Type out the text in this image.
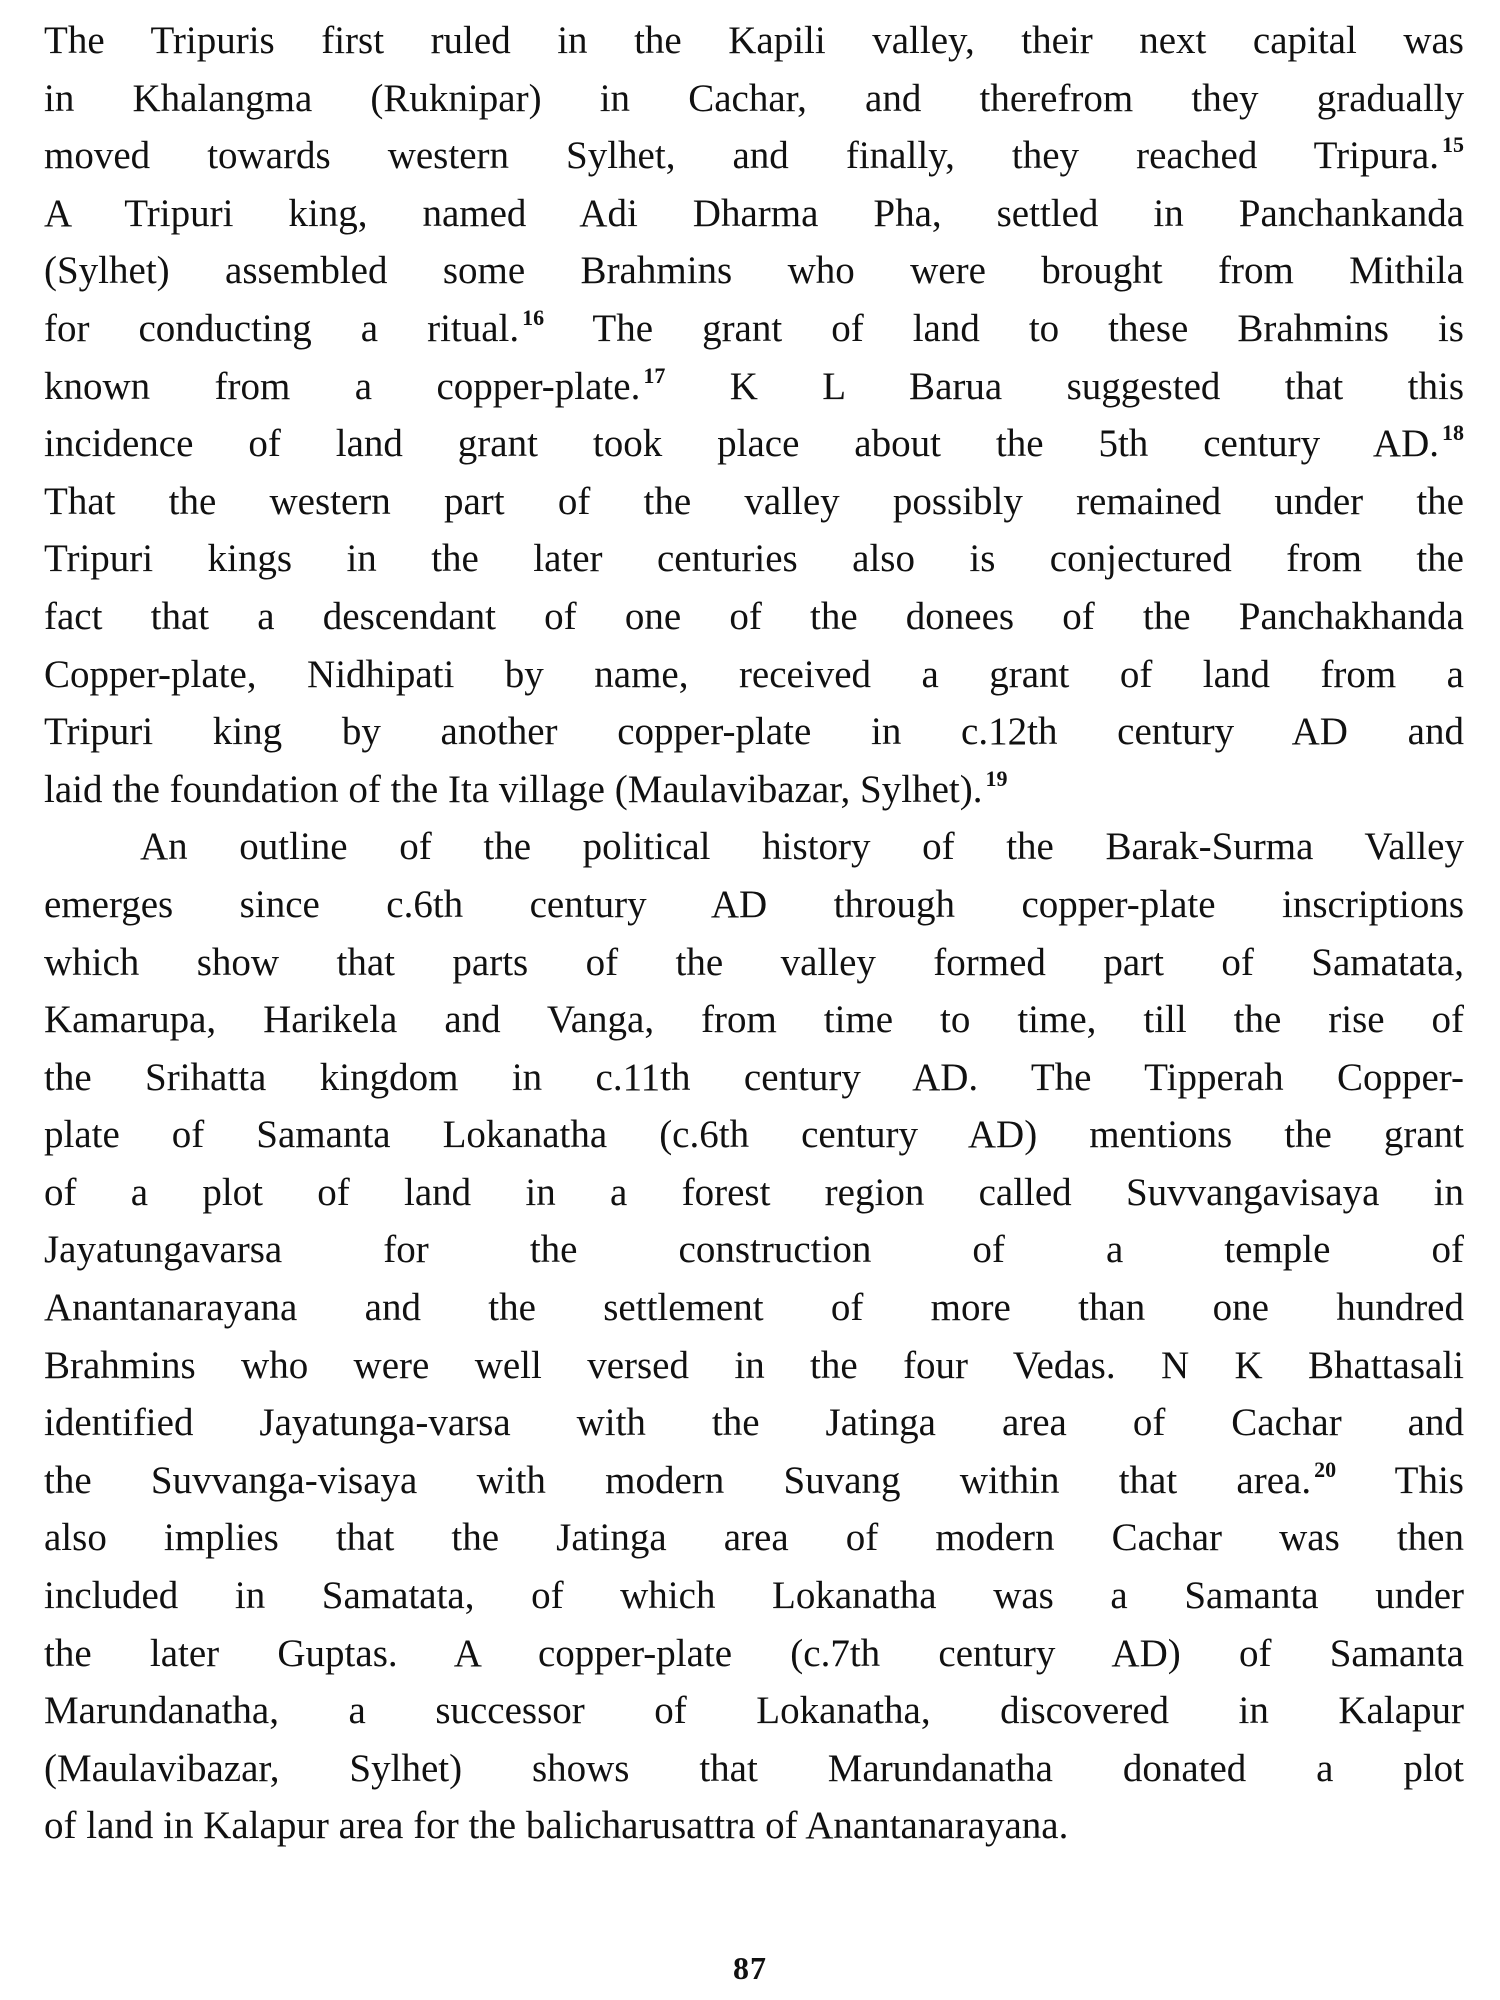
The Tripuris first ruled in the Kapili valley, their next capital was
in Khalangma (Ruknipar) in Cachar, and therefrom they gradually
moved towards western Sylhet, and finally, they reached Tripura. $^{15}$
A Tripuri king, named Adi Dharma Pha, settled in Panchankanda
(Sylhet) assembled some Brahmins who were brought from Mithila
for conducting a ritual. $^{16}$ The grant of land to these Brahmins is
known from a copper-plate. $^{17}$ K L Barua suggested that this
incidence of land grant took place about the 5th century AD. $^{18}$
That the western part of the valley possibly remained under the
Tripuri kings in the later centuries also is conjectured from the
fact that a descendant of one of the donees of the Panchakhanda
Copper-plate, Nidhipati by name, received a grant of land from a
Tripuri king by another copper-plate in c.12th century AD and
laid the foundation of the Ita village (Maulavibazar, Sylhet). $^{19}$
An outline of the political history of the Barak-Surma Valley
emerges since c.6th century AD through copper-plate inscriptions
which show that parts of the valley formed part of Samatata,
Kamarupa, Harikela and Vanga, from time to time, till the rise of
the Srihatta kingdom in c.11th century AD. The Tipperah Copper-
plate of Samanta Lokanatha (c.6th century AD) mentions the grant
of a plot of land in a forest region called Suvvangavisaya in
Jayatungavarsa for the construction of a temple of
Anantanarayana and the settlement of more than one hundred
Brahmins who were well versed in the four Vedas. N K Bhattasali
identified Jayatunga-varsa with the Jatinga area of Cachar and
the Suvvanga-visaya with modern Suvang within that area. $^{20}$ This
also implies that the Jatinga area of modern Cachar was then
included in Samatata, of which Lokanatha was a Samanta under
the later Guptas. A copper-plate (c.7th century AD) of Samanta
Marundanatha, a successor of Lokanatha, discovered in Kalapur
(Maulavibazar, Sylhet) shows that Marundanatha donated a plot
of land in Kalapur area for the balicharusattra of Anantanarayana.
87
